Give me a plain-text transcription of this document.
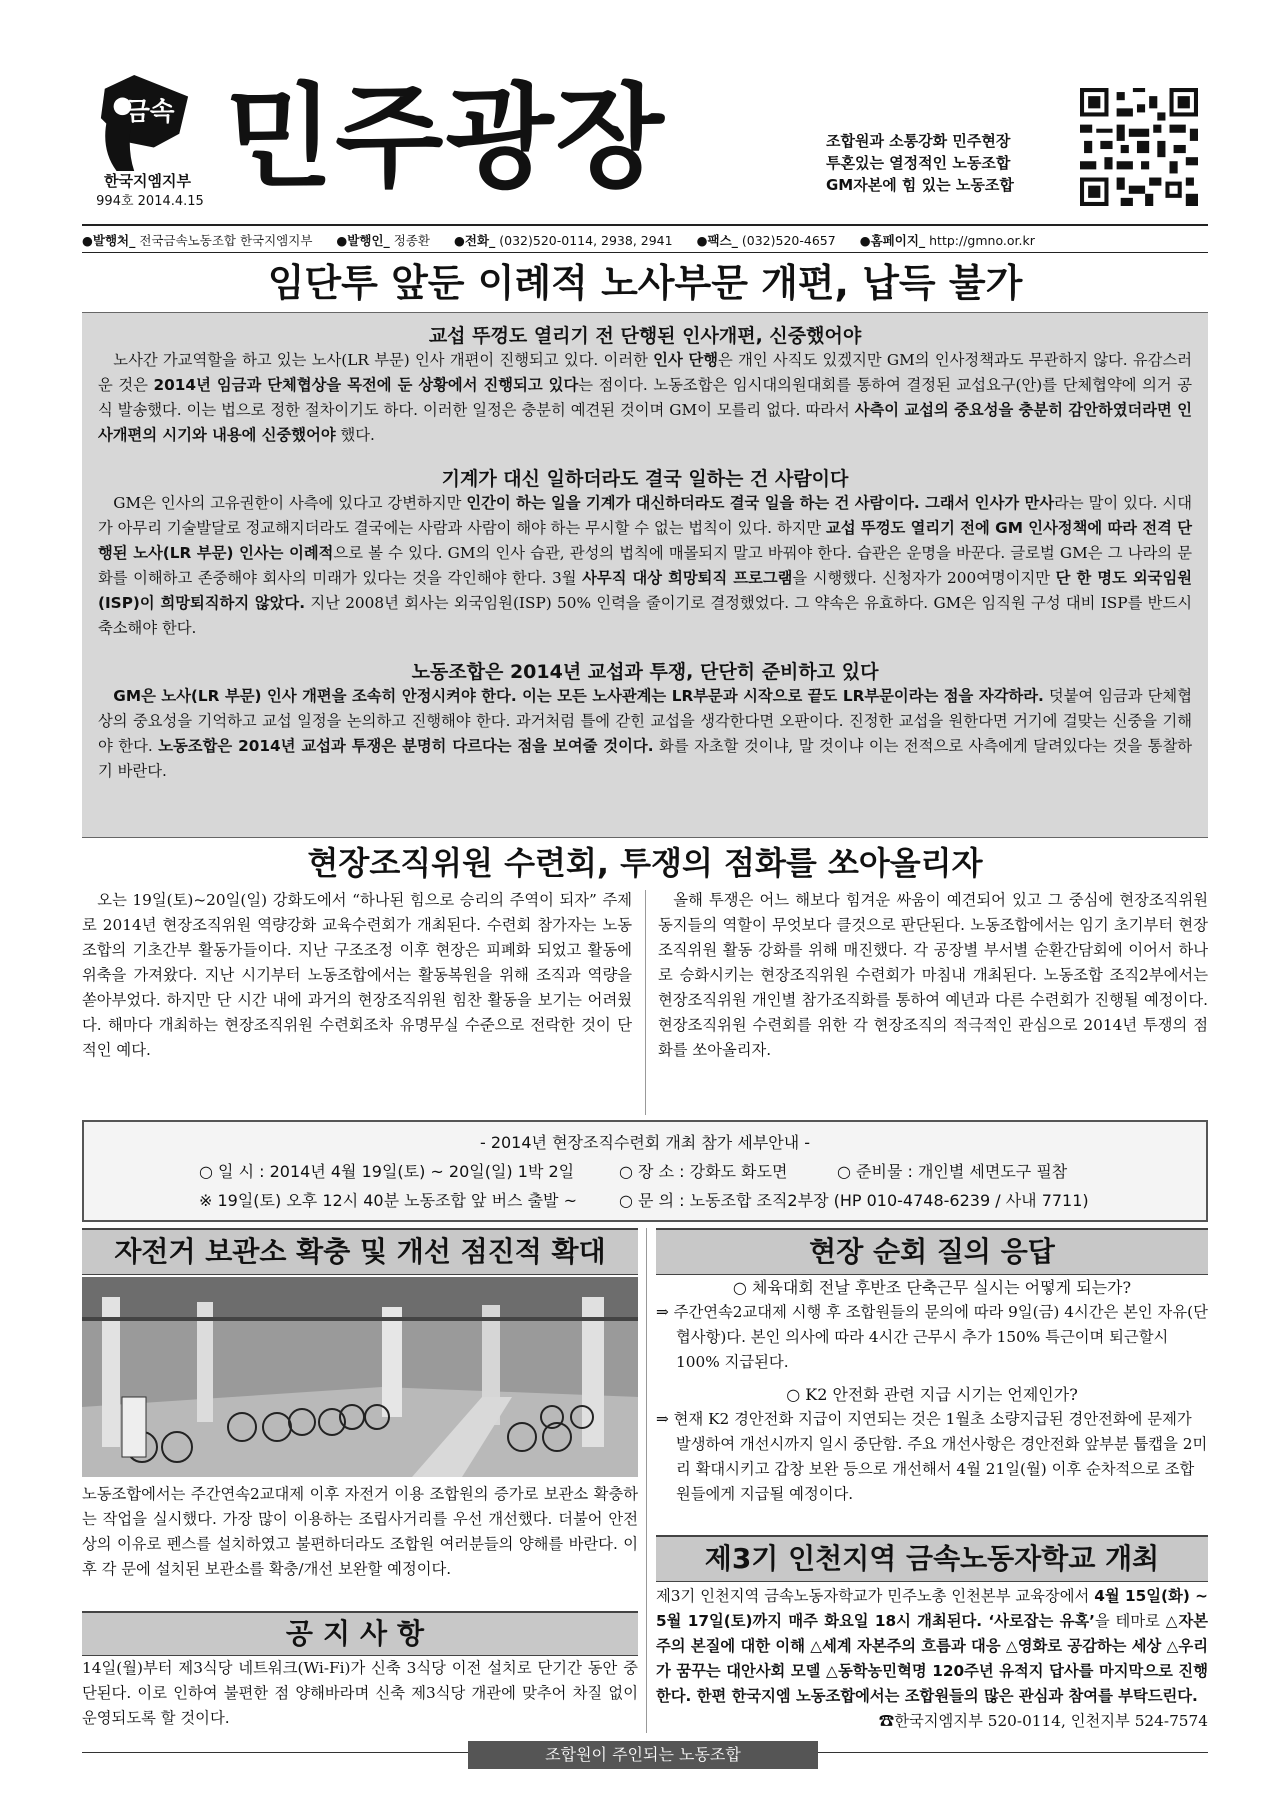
금속
한국지엠지부
994호 2014.4.15 민주광장	조합원과 소통강화 민주현장
투혼있는 열정적인 노동조합
GM자본에 힘 있는 노동조합
●발행처_ 전국금속노동조합 한국지엠지부 ●발행인_ 정종환 ●전화_ (032)520-0114, 2938, 2941 ●팩스_ (032)520-4657 ●홈페이지_ http://gmno.or.kr
임단투 앞둔 이례적 노사부문 개편, 납득 불가
교섭 뚜껑도 열리기 전 단행된 인사개편, 신중했어야
노사간 가교역할을 하고 있는 노사(LR 부문) 인사 개편이 진행되고 있다. 이러한 인사 단행은 개인 사직도 있겠지만 GM의 인사정책과도 무관하지 않다. 유감스러운 것은 2014년 임금과 단체협상을 목전에 둔 상황에서 진행되고 있다는 점이다. 노동조합은 임시대의원대회를 통하여 결정된 교섭요구(안)를 단체협약에 의거 공식 발송했다. 이는 법으로 정한 절차이기도 하다. 이러한 일정은 충분히 예견된 것이며 GM이 모를리 없다. 따라서 사측이 교섭의 중요성을 충분히 감안하였더라면 인사개편의 시기와 내용에 신중했어야 했다.
기계가 대신 일하더라도 결국 일하는 건 사람이다
GM은 인사의 고유권한이 사측에 있다고 강변하지만 인간이 하는 일을 기계가 대신하더라도 결국 일을 하는 건 사람이다. 그래서 인사가 만사라는 말이 있다. 시대가 아무리 기술발달로 정교해지더라도 결국에는 사람과 사람이 해야 하는 무시할 수 없는 법칙이 있다. 하지만 교섭 뚜껑도 열리기 전에 GM 인사정책에 따라 전격 단행된 노사(LR 부문) 인사는 이례적으로 볼 수 있다. GM의 인사 습관, 관성의 법칙에 매몰되지 말고 바꿔야 한다. 습관은 운명을 바꾼다. 글로벌 GM은 그 나라의 문화를 이해하고 존중해야 회사의 미래가 있다는 것을 각인해야 한다. 3월 사무직 대상 희망퇴직 프로그램을 시행했다. 신청자가 200여명이지만 단 한 명도 외국임원(ISP)이 희망퇴직하지 않았다. 지난 2008년 회사는 외국임원(ISP) 50% 인력을 줄이기로 결정했었다. 그 약속은 유효하다. GM은 임직원 구성 대비 ISP를 반드시 축소해야 한다.
노동조합은 2014년 교섭과 투쟁, 단단히 준비하고 있다
GM은 노사(LR 부문) 인사 개편을 조속히 안정시켜야 한다. 이는 모든 노사관계는 LR부문과 시작으로 끝도 LR부문이라는 점을 자각하라. 덧붙여 임금과 단체협상의 중요성을 기억하고 교섭 일정을 논의하고 진행해야 한다. 과거처럼 틀에 갇힌 교섭을 생각한다면 오판이다. 진정한 교섭을 원한다면 거기에 걸맞는 신중을 기해야 한다. 노동조합은 2014년 교섭과 투쟁은 분명히 다르다는 점을 보여줄 것이다. 화를 자초할 것이냐, 말 것이냐 이는 전적으로 사측에게 달려있다는 것을 통찰하기 바란다.
현장조직위원 수련회, 투쟁의 점화를 쏘아올리자
오는 19일(토)~20일(일) 강화도에서 “하나된 힘으로 승리의 주역이 되자” 주제로 2014년 현장조직위원 역량강화 교육수련회가 개최된다. 수련회 참가자는 노동조합의 기초간부 활동가들이다. 지난 구조조정 이후 현장은 피폐화 되었고 활동에 위축을 가져왔다. 지난 시기부터 노동조합에서는 활동복원을 위해 조직과 역량을 쏟아부었다. 하지만 단 시간 내에 과거의 현장조직위원 힘찬 활동을 보기는 어려웠다. 해마다 개최하는 현장조직위원 수련회조차 유명무실 수준으로 전락한 것이 단적인 예다.
올해 투쟁은 어느 해보다 힘겨운 싸움이 예견되어 있고 그 중심에 현장조직위원 동지들의 역할이 무엇보다 클것으로 판단된다. 노동조합에서는 임기 초기부터 현장조직위원 활동 강화를 위해 매진했다. 각 공장별 부서별 순환간담회에 이어서 하나로 승화시키는 현장조직위원 수련회가 마침내 개최된다. 노동조합 조직2부에서는 현장조직위원 개인별 참가조직화를 통하여 예년과 다른 수련회가 진행될 예정이다. 현장조직위원 수련회를 위한 각 현장조직의 적극적인 관심으로 2014년 투쟁의 점화를 쏘아올리자.
- 2014년 현장조직수련회 개최 참가 세부안내 -
○ 일 시 : 2014년 4월 19일(토) ~ 20일(일) 1박 2일	○ 장 소 : 강화도 화도면	○ 준비물 : 개인별 세면도구 필참
※ 19일(토) 오후 12시 40분 노동조합 앞 버스 출발 ~	○ 문 의 : 노동조합 조직2부장 (HP 010-4748-6239 / 사내 7711)
자전거 보관소 확충 및 개선 점진적 확대
노동조합에서는 주간연속2교대제 이후 자전거 이용 조합원의 증가로 보관소 확충하는 작업을 실시했다. 가장 많이 이용하는 조립사거리를 우선 개선했다. 더불어 안전상의 이유로 펜스를 설치하였고 불편하더라도 조합원 여러분들의 양해를 바란다. 이후 각 문에 설치된 보관소를 확충/개선 보완할 예정이다.
공지사항
14일(월)부터 제3식당 네트워크(Wi-Fi)가 신축 3식당 이전 설치로 단기간 동안 중단된다. 이로 인하여 불편한 점 양해바라며 신축 제3식당 개관에 맞추어 차질 없이 운영되도록 할 것이다.
현장 순회 질의 응답
○ 체육대회 전날 후반조 단축근무 실시는 어떻게 되는가?
⇒ 주간연속2교대제 시행 후 조합원들의 문의에 따라 9일(금) 4시간은 본인 자유(단협사항)다. 본인 의사에 따라 4시간 근무시 추가 150% 특근이며 퇴근할시 100% 지급된다.
○ K2 안전화 관련 지급 시기는 언제인가?
⇒ 현재 K2 경안전화 지급이 지연되는 것은 1월초 소량지급된 경안전화에 문제가 발생하여 개선시까지 일시 중단함. 주요 개선사항은 경안전화 앞부분 툽캡을 2미리 확대시키고 갑창 보완 등으로 개선해서 4월 21일(월) 이후 순차적으로 조합원들에게 지급될 예정이다.
제3기 인천지역 금속노동자학교 개최
제3기 인천지역 금속노동자학교가 민주노총 인천본부 교육장에서 4월 15일(화) ~ 5월 17일(토)까지 매주 화요일 18시 개최된다. ‘사로잡는 유혹’을 테마로 △자본주의 본질에 대한 이해 △세계 자본주의 흐름과 대응 △영화로 공감하는 세상 △우리가 꿈꾸는 대안사회 모델 △동학농민혁명 120주년 유적지 답사를 마지막으로 진행한다. 한편 한국지엠 노동조합에서는 조합원들의 많은 관심과 참여를 부탁드린다.
☎한국지엠지부 520-0114, 인천지부 524-7574
조합원이 주인되는 노동조합
